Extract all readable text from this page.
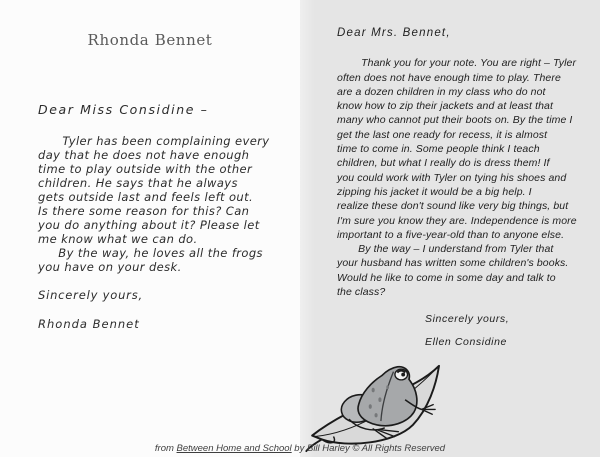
Rhonda Bennet
Dear Miss Considine –
Tyler has been complaining every
day that he does not have enough
time to play outside with the other
children. He says that he always
gets outside last and feels left out.
Is there some reason for this? Can
you do anything about it? Please let
me know what we can do.
By the way, he loves all the frogs
you have on your desk.
Sincerely yours,
Rhonda Bennet
Dear Mrs. Bennet,
Thank you for your note. You are right – Tyler
often does not have enough time to play. There
are a dozen children in my class who do not
know how to zip their jackets and at least that
many who cannot put their boots on. By the time I
get the last one ready for recess, it is almost
time to come in. Some people think I teach
children, but what I really do is dress them! If
you could work with Tyler on tying his shoes and
zipping his jacket it would be a big help. I
realize these don't sound like very big things, but
I'm sure you know they are. Independence is more
important to a five-year-old than to anyone else.
By the way – I understand from Tyler that
your husband has written some children's books.
Would he like to come in some day and talk to
the class?
Sincerely yours,
Ellen Considine
from Between Home and School by Bill Harley © All Rights Reserved
